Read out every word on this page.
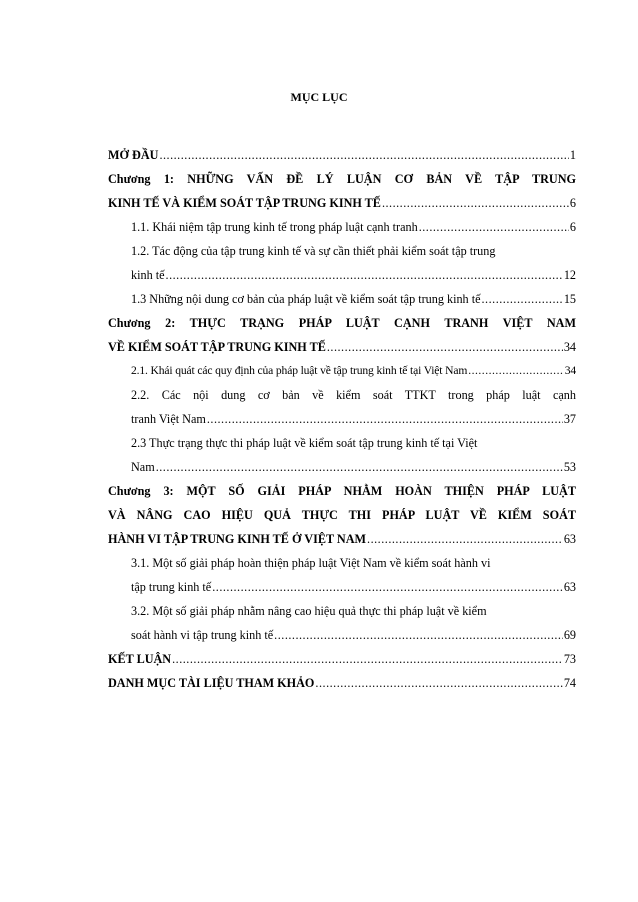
MỤC LỤC
MỞ ĐẦU .....	1
Chương 1: NHỮNG VẤN ĐỀ LÝ LUẬN CƠ BẢN VỀ TẬP TRUNG
KINH TẾ VÀ KIỂM SOÁT TẬP TRUNG KINH TẾ .....	6
1.1. Khái niệm tập trung kinh tế trong pháp luật cạnh tranh .....	6
1.2. Tác động của tập trung kinh tế và sự cần thiết phải kiểm soát tập trung
kinh tế .....	12
1.3 Những nội dung cơ bản của pháp luật về kiểm soát tập trung kinh tế .....	15
Chương 2: THỰC TRẠNG PHÁP LUẬT CẠNH TRANH VIỆT NAM
VỀ KIỂM SOÁT TẬP TRUNG KINH TẾ .....	34
2.1. Khái quát các quy định của pháp luật về tập trung kinh tế tại Việt Nam .....	34
2.2. Các nội dung cơ bản về kiểm soát TTKT trong pháp luật cạnh
tranh Việt Nam .....	37
2.3 Thực trạng thực thi pháp luật về kiểm soát tập trung kinh tế tại Việt
Nam .....	53
Chương 3: MỘT SỐ GIẢI PHÁP NHẰM HOÀN THIỆN PHÁP LUẬT
VÀ NÂNG CAO HIỆU QUẢ THỰC THI PHÁP LUẬT VỀ KIỂM SOÁT
HÀNH VI TẬP TRUNG KINH TẾ Ở VIỆT NAM .....	63
3.1. Một số giải pháp hoàn thiện pháp luật Việt Nam về kiểm soát hành vi
tập trung kinh tế .....	63
3.2. Một số giải pháp nhằm nâng cao hiệu quả thực thi pháp luật về kiểm
soát hành vi tập trung kinh tế .....	69
KẾT LUẬN .....	73
DANH MỤC TÀI LIỆU THAM KHẢO .....	74
